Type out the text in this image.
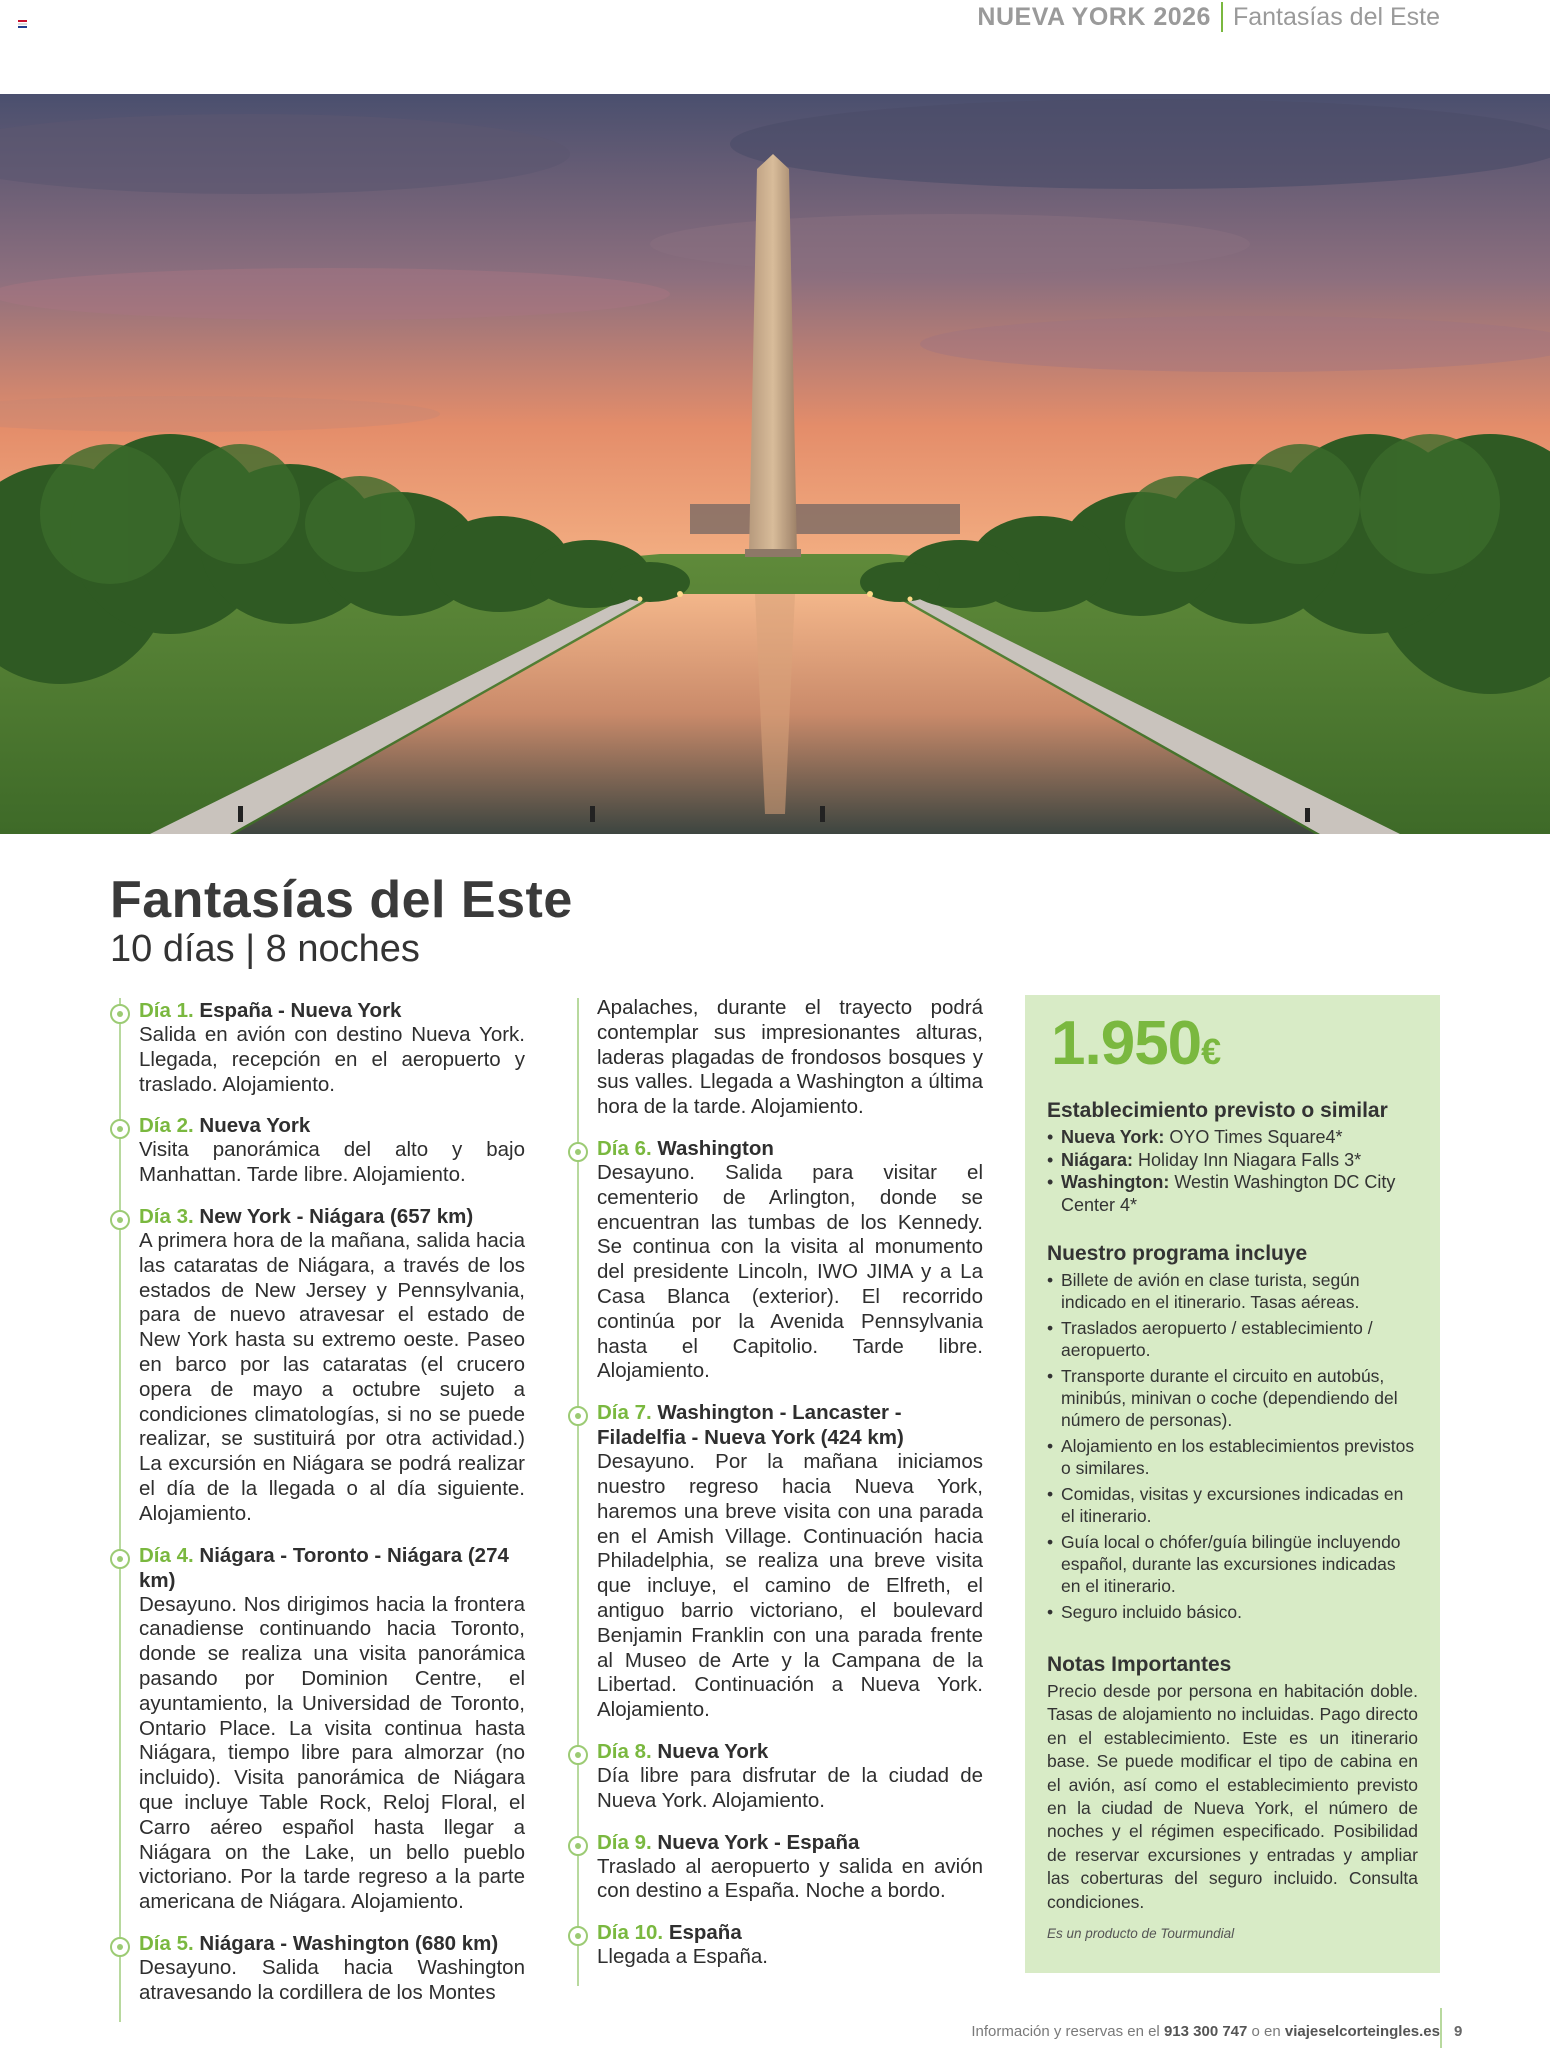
NUEVA YORK 2026 Fantasías del Este
Fantasías del Este
10 días | 8 noches
Día 1. España - Nueva York
Salida en avión con destino Nueva York. Llegada, recepción en el aeropuerto y traslado. Alojamiento.
Día 2. Nueva York
Visita panorámica del alto y bajo Manhattan. Tarde libre. Alojamiento.
Día 3. New York - Niágara (657 km)
A primera hora de la mañana, salida hacia las cataratas de Niágara, a través de los estados de New Jersey y Pennsylvania, para de nuevo atravesar el estado de New York hasta su extremo oeste. Paseo en barco por las cataratas (el crucero opera de mayo a octubre sujeto a condiciones climatologías, si no se puede realizar, se sustituirá por otra actividad.) La excursión en Niágara se podrá realizar el día de la llegada o al día siguiente. Alojamiento.
Día 4. Niágara - Toronto - Niágara (274 km)
Desayuno. Nos dirigimos hacia la frontera canadiense continuando hacia Toronto, donde se realiza una visita panorámica pasando por Dominion Centre, el ayuntamiento, la Universidad de Toronto, Ontario Place. La visita continua hasta Niágara, tiempo libre para almorzar (no incluido). Visita panorámica de Niágara que incluye Table Rock, Reloj Floral, el Carro aéreo español hasta llegar a Niágara on the Lake, un bello pueblo victoriano. Por la tarde regreso a la parte americana de Niágara. Alojamiento.
Día 5. Niágara - Washington (680 km)
Desayuno. Salida hacia Washington atravesando la cordillera de los Montes
Apalaches, durante el trayecto podrá contemplar sus impresionantes alturas, laderas plagadas de frondosos bosques y sus valles. Llegada a Washington a última hora de la tarde. Alojamiento.
Día 6. Washington
Desayuno. Salida para visitar el cementerio de Arlington, donde se encuentran las tumbas de los Kennedy. Se continua con la visita al monumento del presidente Lincoln, IWO JIMA y a La Casa Blanca (exterior). El recorrido continúa por la Avenida Pennsylvania hasta el Capitolio. Tarde libre. Alojamiento.
Día 7. Washington - Lancaster - Filadelfia - Nueva York (424 km)
Desayuno. Por la mañana iniciamos nuestro regreso hacia Nueva York, haremos una breve visita con una parada en el Amish Village. Continuación hacia Philadelphia, se realiza una breve visita que incluye, el camino de Elfreth, el antiguo barrio victoriano, el boulevard Benjamin Franklin con una parada frente al Museo de Arte y la Campana de la Libertad. Continuación a Nueva York. Alojamiento.
Día 8. Nueva York
Día libre para disfrutar de la ciudad de Nueva York. Alojamiento.
Día 9. Nueva York - España
Traslado al aeropuerto y salida en avión con destino a España. Noche a bordo.
Día 10. España
Llegada a España.
1.950€
Establecimiento previsto o similar
• Nueva York: OYO Times Square4*
• Niágara: Holiday Inn Niagara Falls 3*
• Washington: Westin Washington DC City Center 4*
Nuestro programa incluye
• Billete de avión en clase turista, según indicado en el itinerario. Tasas aéreas.
• Traslados aeropuerto / establecimiento / aeropuerto.
• Transporte durante el circuito en autobús, minibús, minivan o coche (dependiendo del número de personas).
• Alojamiento en los establecimientos previstos o similares.
• Comidas, visitas y excursiones indicadas en el itinerario.
• Guía local o chófer/guía bilingüe incluyendo español, durante las excursiones indicadas en el itinerario.
• Seguro incluido básico.
Notas Importantes

Precio desde por persona en habitación doble. Tasas de alojamiento no incluidas. Pago directo en el establecimiento. Este es un itinerario base. Se puede modificar el tipo de cabina en el avión, así como el establecimiento previsto en la ciudad de Nueva York, el número de noches y el régimen especificado. Posibilidad de reservar excursiones y entradas y ampliar las coberturas del seguro incluido. Consulta condiciones.

Es un producto de Tourmundial

Información y reservas en el 913 300 747 o en viajeselcorteingles.es 9
